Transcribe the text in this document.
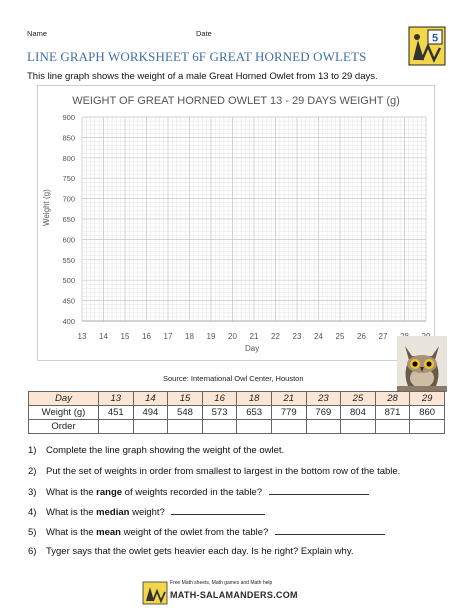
Name	Date	5
LINE GRAPH WORKSHEET 6F GREAT HORNED OWLETS
This line graph shows the weight of a male Great Horned Owlet from 13 to 29 days.
WEIGHT OF GREAT HORNED OWLET 13 - 29 DAYS WEIGHT (g)
400
450
500
550
600
650
700
750
800
850
900
13 14 15 16 17 18 19 20 21 22 23 24 25 26 27
Weight (g)
Day
Source: International Owl Center, Houston
Day	13	14	15	16	18	21	23	25	28	29
Weight (g)	451	494	548	573	653	779	769	804	871	860
Order										
1) Complete the line graph showing the weight of the owlet.
2) Put the set of weights in order from smallest to largest in the bottom row of the table.
3) What is the range of weights recorded in the table?
4) What is the median weight?
5) What is the mean weight of the owlet from the table?
6) Tyger says that the owlet gets heavier each day. Is he right? Explain why.
Free Math sheets, Math games and Math help
MATH-SALAMANDERS.COM
